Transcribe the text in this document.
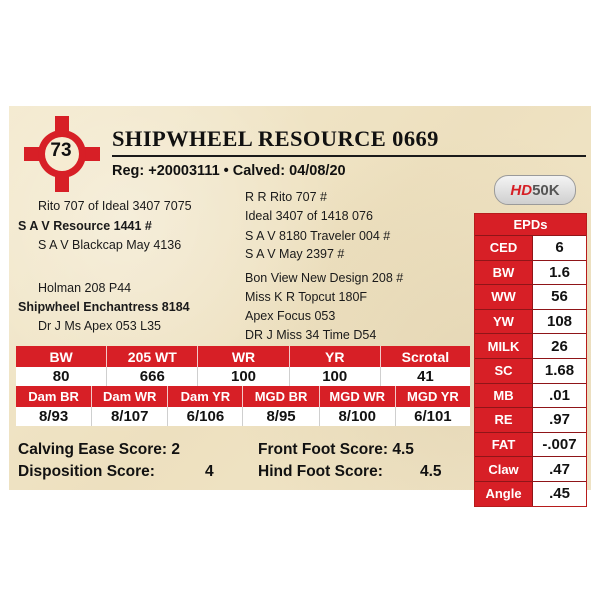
73	SHIPWHEEL RESOURCE 0669
Reg: +20003111 • Calved: 04/08/20
HD 50K
R R Rito 707 #
Ideal 3407 of 1418 076
S A V 8180 Traveler 004 #
S A V May 2397 #
Rito 707 of Ideal 3407 7075
S A V Resource 1441 #
S A V Blackcap May 4136
Bon View New Design 208 #
Miss K R Topcut 180F
Apex Focus 053
DR J Miss 34 Time D54
Holman 208 P44
Shipwheel Enchantress 8184
Dr J Ms Apex 053 L35
EPDs
CED	6
BW	1.6
WW	56
YW	108
MILK	26
SC	1.68
MB	.01
RE	.97
FAT	-.007
Claw	.47
Angle	.45
BW	205 WT	WR	YR	Scrotal
80	666	100	100	41
Dam BR	Dam WR	Dam YR	MGD BR	MGD WR	MGD YR
8/93	8/107	6/106	8/95	8/100	6/101
Calving Ease Score: 2
Disposition Score:	4
Front Foot Score: 4.5
Hind Foot Score: 4.5
